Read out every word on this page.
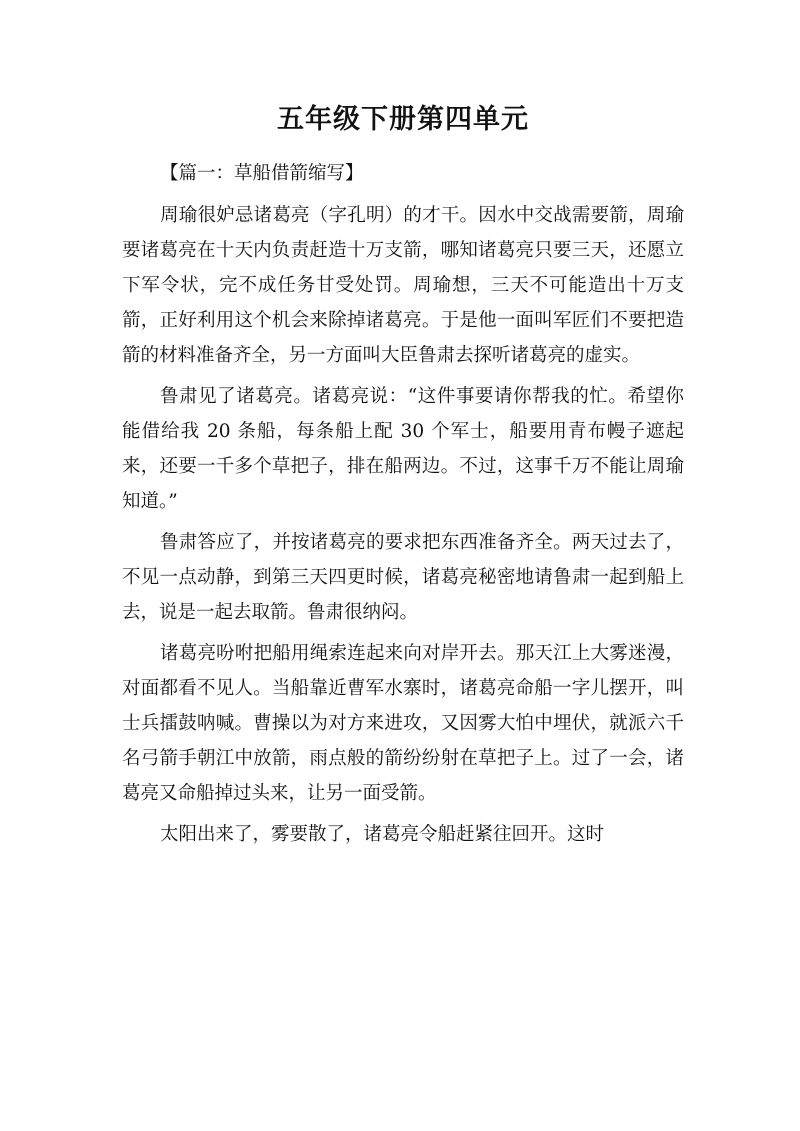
五年级下册第四单元
【篇一：草船借箭缩写】

周瑜很妒忌诸葛亮（字孔明）的才干。因水中交战需要箭，周瑜要诸葛亮在十天内负责赶造十万支箭，哪知诸葛亮只要三天，还愿立下军令状，完不成任务甘受处罚。周瑜想，三天不可能造出十万支箭，正好利用这个机会来除掉诸葛亮。于是他一面叫军匠们不要把造箭的材料准备齐全，另一方面叫大臣鲁肃去探听诸葛亮的虚实。

鲁肃见了诸葛亮。诸葛亮说：“这件事要请你帮我的忙。希望你能借给我 20 条船，每条船上配 30 个军士，船要用青布幔子遮起来，还要一千多个草把子，排在船两边。不过，这事千万不能让周瑜知道。”

鲁肃答应了，并按诸葛亮的要求把东西准备齐全。两天过去了，不见一点动静，到第三天四更时候，诸葛亮秘密地请鲁肃一起到船上去，说是一起去取箭。鲁肃很纳闷。

诸葛亮吩咐把船用绳索连起来向对岸开去。那天江上大雾迷漫，对面都看不见人。当船靠近曹军水寨时，诸葛亮命船一字儿摆开，叫士兵擂鼓呐喊。曹操以为对方来进攻，又因雾大怕中埋伏，就派六千名弓箭手朝江中放箭，雨点般的箭纷纷射在草把子上。过了一会，诸葛亮又命船掉过头来，让另一面受箭。

太阳出来了，雾要散了，诸葛亮令船赶紧往回开。这时
